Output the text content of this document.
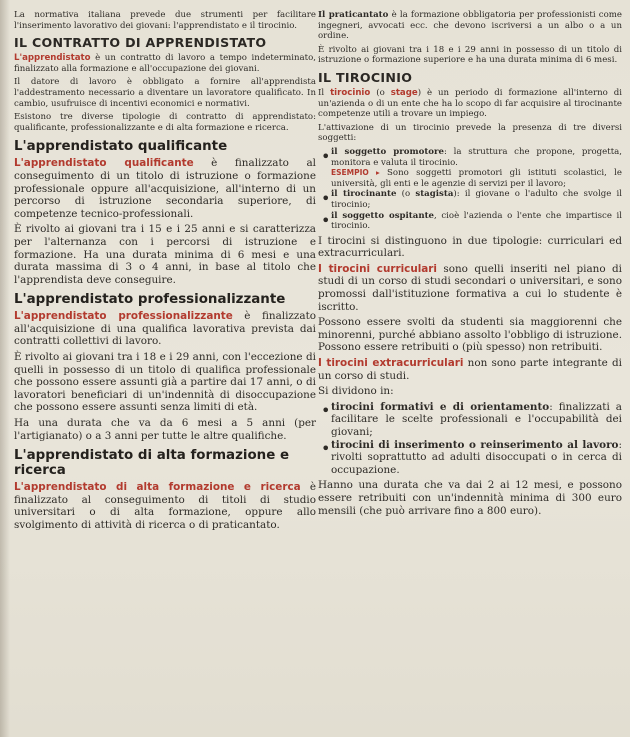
La normativa italiana prevede due strumenti per facilitare l'inserimento lavorativo dei giovani: l'apprendistato e il tirocinio.

IL CONTRATTO DI APPRENDISTATO

L'apprendistato è un contratto di lavoro a tempo indeterminato, finalizzato alla formazione e all'occupazione dei giovani.

Il datore di lavoro è obbligato a fornire all'apprendista l'addestramento necessario a diventare un lavoratore qualificato. In cambio, usufruisce di incentivi economici e normativi.

Esistono tre diverse tipologie di contratto di apprendistato: qualificante, professionalizzante e di alta formazione e ricerca.

L'apprendistato qualificante

L'apprendistato qualificante è finalizzato al conseguimento di un titolo di istruzione o formazione professionale oppure all'acquisizione, all'interno di un percorso di istruzione secondaria superiore, di competenze tecnico-professionali.

È rivolto ai giovani tra i 15 e i 25 anni e si caratterizza per l'alternanza con i percorsi di istruzione e formazione. Ha una durata minima di 6 mesi e una durata massima di 3 o 4 anni, in base al titolo che l'apprendista deve conseguire.

L'apprendistato professionalizzante

L'apprendistato professionalizzante è finalizzato all'acquisizione di una qualifica lavorativa prevista dai contratti collettivi di lavoro.

È rivolto ai giovani tra i 18 e i 29 anni, con l'eccezione di quelli in possesso di un titolo di qualifica professionale che possono essere assunti già a partire dai 17 anni, o di lavoratori beneficiari di un'indennità di disoccupazione che possono essere assunti senza limiti di età.

Ha una durata che va da 6 mesi a 5 anni (per l'artigianato) o a 3 anni per tutte le altre qualifiche.

L'apprendistato di alta formazione e ricerca

L'apprendistato di alta formazione e ricerca è finalizzato al conseguimento di titoli di studio universitari o di alta formazione, oppure allo svolgimento di attività di ricerca o di praticantato.

Il praticantato è la formazione obbligatoria per professionisti come ingegneri, avvocati ecc. che devono iscriversi a un albo o a un ordine.

È rivolto ai giovani tra i 18 e i 29 anni in possesso di un titolo di istruzione o formazione superiore e ha una durata minima di 6 mesi.

IL TIROCINIO

Il tirocinio (o stage) è un periodo di formazione all'interno di un'azienda o di un ente che ha lo scopo di far acquisire al tirocinante competenze utili a trovare un impiego.

L'attivazione di un tirocinio prevede la presenza di tre diversi soggetti:

• il soggetto promotore: la struttura che propone, progetta, monitora e valuta il tirocinio.

ESEMPIO ▸ Sono soggetti promotori gli istituti scolastici, le università, gli enti e le agenzie di servizi per il lavoro;

• il tirocinante (o stagista): il giovane o l'adulto che svolge il tirocinio;

• il soggetto ospitante, cioè l'azienda o l'ente che impartisce il tirocinio.

I tirocini si distinguono in due tipologie: curriculari ed extracurriculari.

I tirocini curriculari sono quelli inseriti nel piano di studi di un corso di studi secondari o universitari, e sono promossi dall'istituzione formativa a cui lo studente è iscritto.

Possono essere svolti da studenti sia maggiorenni che minorenni, purché abbiano assolto l'obbligo di istruzione. Possono essere retribuiti o (più spesso) non retribuiti.

I tirocini extracurriculari non sono parte integrante di un corso di studi.

Si dividono in:

• tirocini formativi e di orientamento: finalizzati a facilitare le scelte professionali e l'occupabilità dei giovani;

• tirocini di inserimento o reinserimento al lavoro: rivolti soprattutto ad adulti disoccupati o in cerca di occupazione.

Hanno una durata che va dai 2 ai 12 mesi, e possono essere retribuiti con un'indennità minima di 300 euro mensili (che può arrivare fino a 800 euro).
